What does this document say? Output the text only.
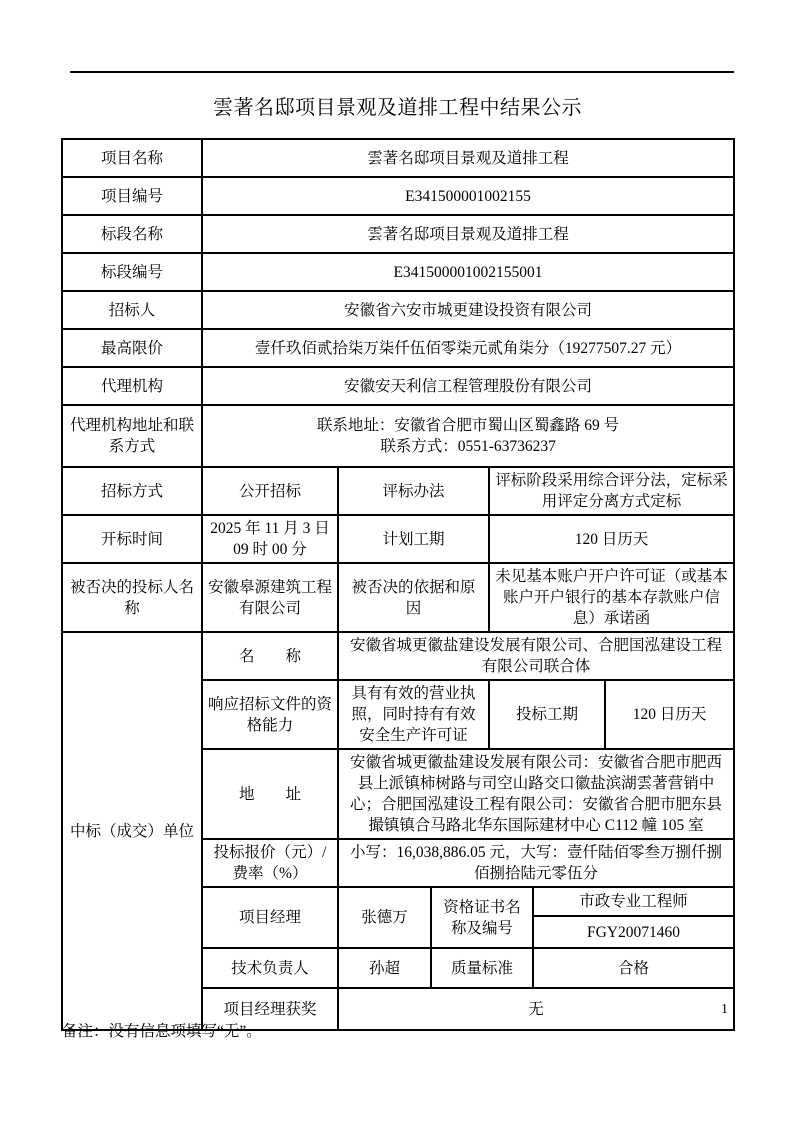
雲著名邸项目景观及道排工程中结果公示
项目名称	雲著名邸项目景观及道排工程					
项目编号	E341500001002155					
标段名称	雲著名邸项目景观及道排工程					
标段编号	E341500001002155001					
招标人	安徽省六安市城更建设投资有限公司					
最高限价	壹仟玖佰贰拾柒万柒仟伍佰零柒元贰角柒分（19277507.27 元）					
代理机构	安徽安天利信工程管理股份有限公司					
代理机构地址和联系方式	联系地址：安徽省合肥市蜀山区蜀鑫路 69 号
联系方式：0551-63736237					

招标方式	公开招标	评标办法		评标阶段采用综合评分法，定标采用评定分离方式定标		
开标时间	2025 年 11 月 3 日 09 时 00 分	计划工期		120 日历天		
被否决的投标人名称	安徽皋源建筑工程有限公司	被否决的依据和原因		未见基本账户开户许可证（或基本账户开户银行的基本存款账户信息）承诺函		
中标（成交）单位	名　　称	安徽省城更徽盐建设发展有限公司、合肥国泓建设工程有限公司联合体				
	响应招标文件的资格能力	具有有效的营业执照，同时持有有效安全生产许可证		投标工期		120 日历天
	地　　址	安徽省城更徽盐建设发展有限公司：安徽省合肥市肥西县上派镇柿树路与司空山路交口徽盐滨湖雲著营销中心；合肥国泓建设工程有限公司：安徽省合肥市肥东县撮镇镇合马路北华东国际建材中心 C112 幢 105 室				
	投标报价（元）/费率（%）	小写：16,038,886.05 元，大写：壹仟陆佰零叁万捌仟捌佰捌拾陆元零伍分				
	项目经理	张德万	资格证书名称及编号		市政专业工程师	
					FGY20071460	
	技术负责人	孙超	质量标准		合格	
	项目经理获奖	无					1
备注：没有信息项填写“无”。
